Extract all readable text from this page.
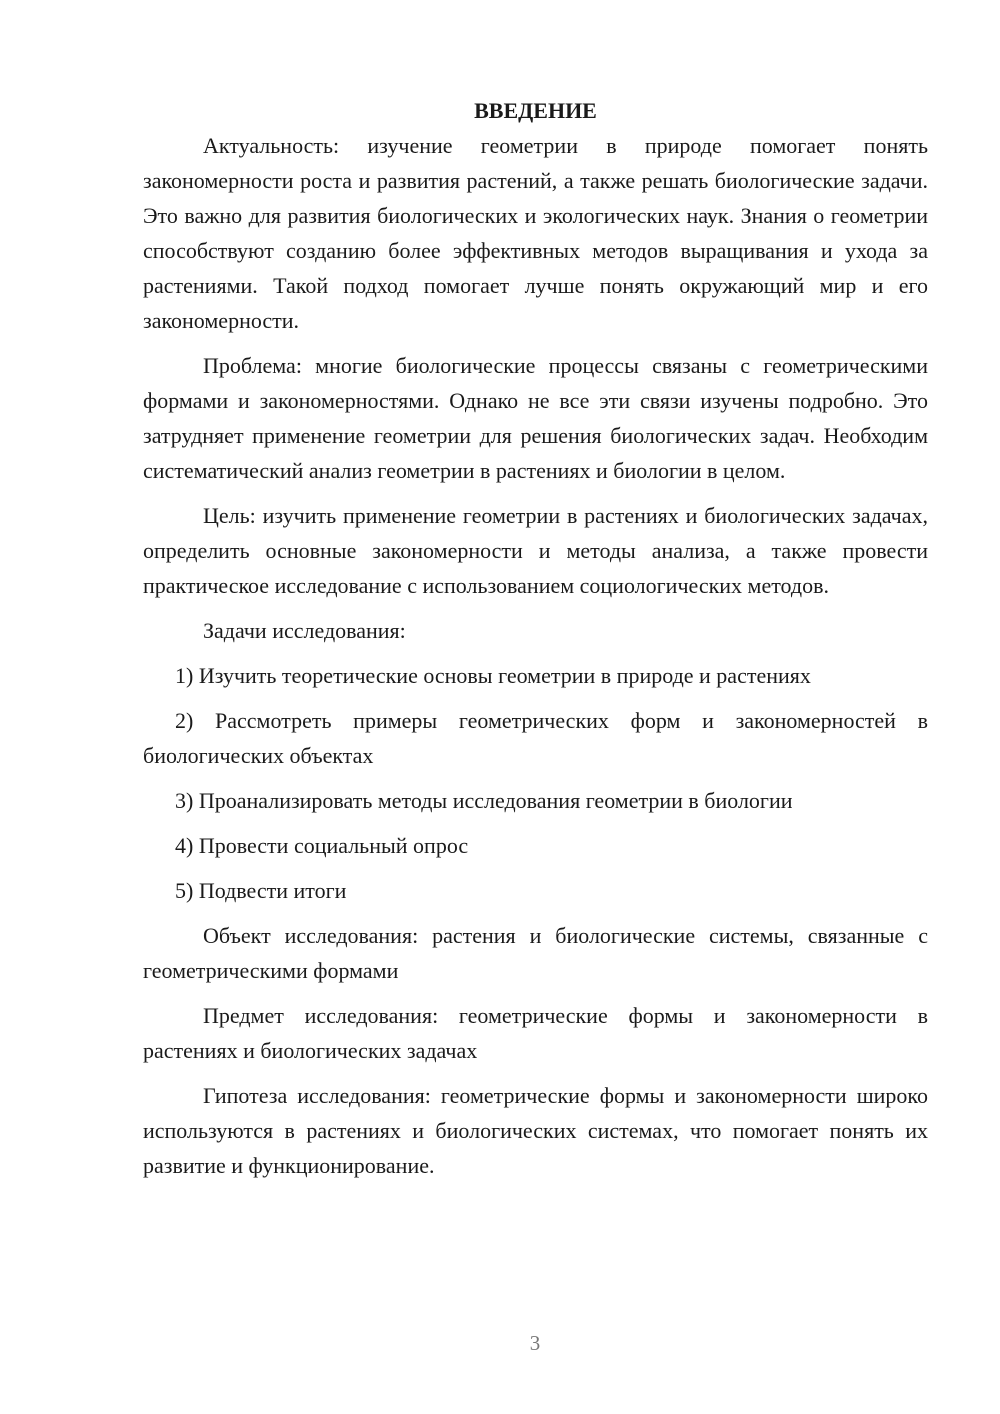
ВВЕДЕНИЕ

Актуальность: изучение геометрии в природе помогает понять закономерности роста и развития растений, а также решать биологические задачи. Это важно для развития биологических и экологических наук. Знания о геометрии способствуют созданию более эффективных методов выращивания и ухода за растениями. Такой подход помогает лучше понять окружающий мир и его закономерности.

Проблема: многие биологические процессы связаны с геометрическими формами и закономерностями. Однако не все эти связи изучены подробно. Это затрудняет применение геометрии для решения биологических задач. Необходим систематический анализ геометрии в растениях и биологии в целом.

Цель: изучить применение геометрии в растениях и биологических задачах, определить основные закономерности и методы анализа, а также провести практическое исследование с использованием социологических методов.

Задачи исследования:

1) Изучить теоретические основы геометрии в природе и растениях

2) Рассмотреть примеры геометрических форм и закономерностей в биологических объектах

3) Проанализировать методы исследования геометрии в биологии

4) Провести социальный опрос

5) Подвести итоги

Объект исследования: растения и биологические системы, связанные с геометрическими формами

Предмет исследования: геометрические формы и закономерности в растениях и биологических задачах

Гипотеза исследования: геометрические формы и закономерности широко используются в растениях и биологических системах, что помогает понять их развитие и функционирование.

3
